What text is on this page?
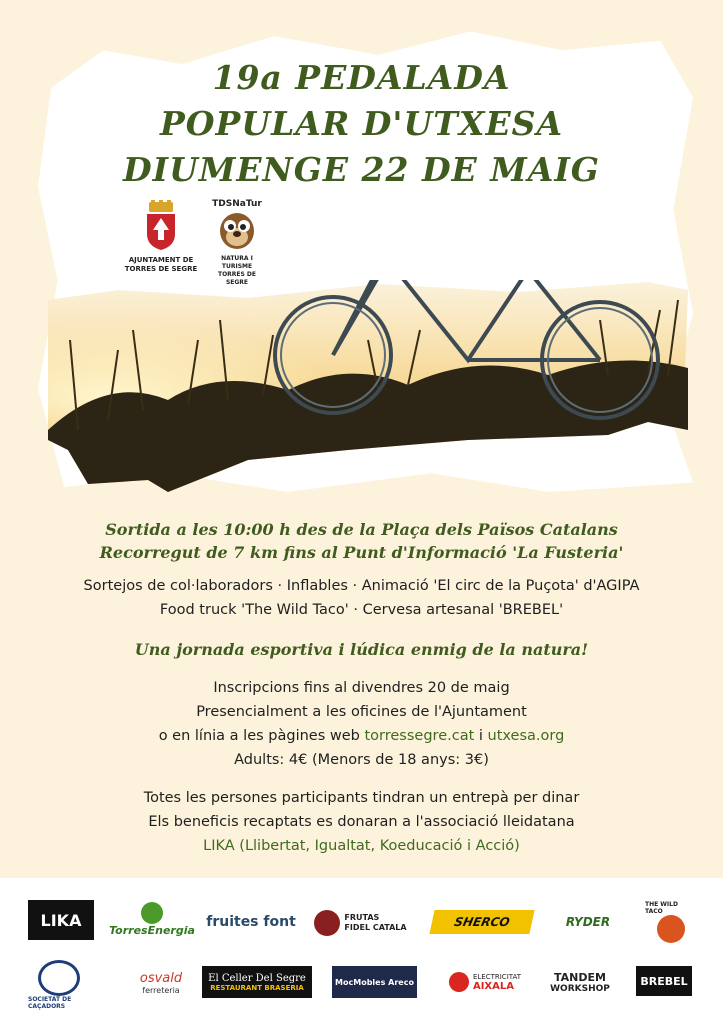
19a PEDALADA
POPULAR D'UTXESA
DIUMENGE 22 DE MAIG
AJUNTAMENT DE
TORRES DE SEGRE
TDSNaTur
NATURA I TURISME
TORRES DE SEGRE
Sortida a les 10:00 h des de la Plaça dels Països Catalans
Recorregut de 7 km fins al Punt d'Informació 'La Fusteria'
Sortejos de col·laboradors · Inflables · Animació 'El circ de la Puçota' d'AGIPA
Food truck 'The Wild Taco' · Cervesa artesanal 'BREBEL'
Una jornada esportiva i lúdica enmig de la natura!
Inscripcions fins al divendres 20 de maig
Presencialment a les oficines de l'Ajuntament
o en línia a les pàgines web torressegre.cat i utxesa.org
Adults: 4€ (Menors de 18 anys: 3€)
Totes les persones participants tindran un entrepà per dinar
Els beneficis recaptats es donaran a l'associació lleidatana
LIKA (Llibertat, Igualtat, Koeducació i Acció)
LIKA
TorresEnergia fruites font	FRUTAS
FIDEL CATALA	SHERCO	RYDER
THE WILD TACO
SOCIETAT DE CAÇADORS
osvald
ferreteria
El Celler Del Segre
RESTAURANT BRASERIA
MocMobles Areco
ELECTRICITAT
AIXALA
TANDEM
WORKSHOP
BREBEL
